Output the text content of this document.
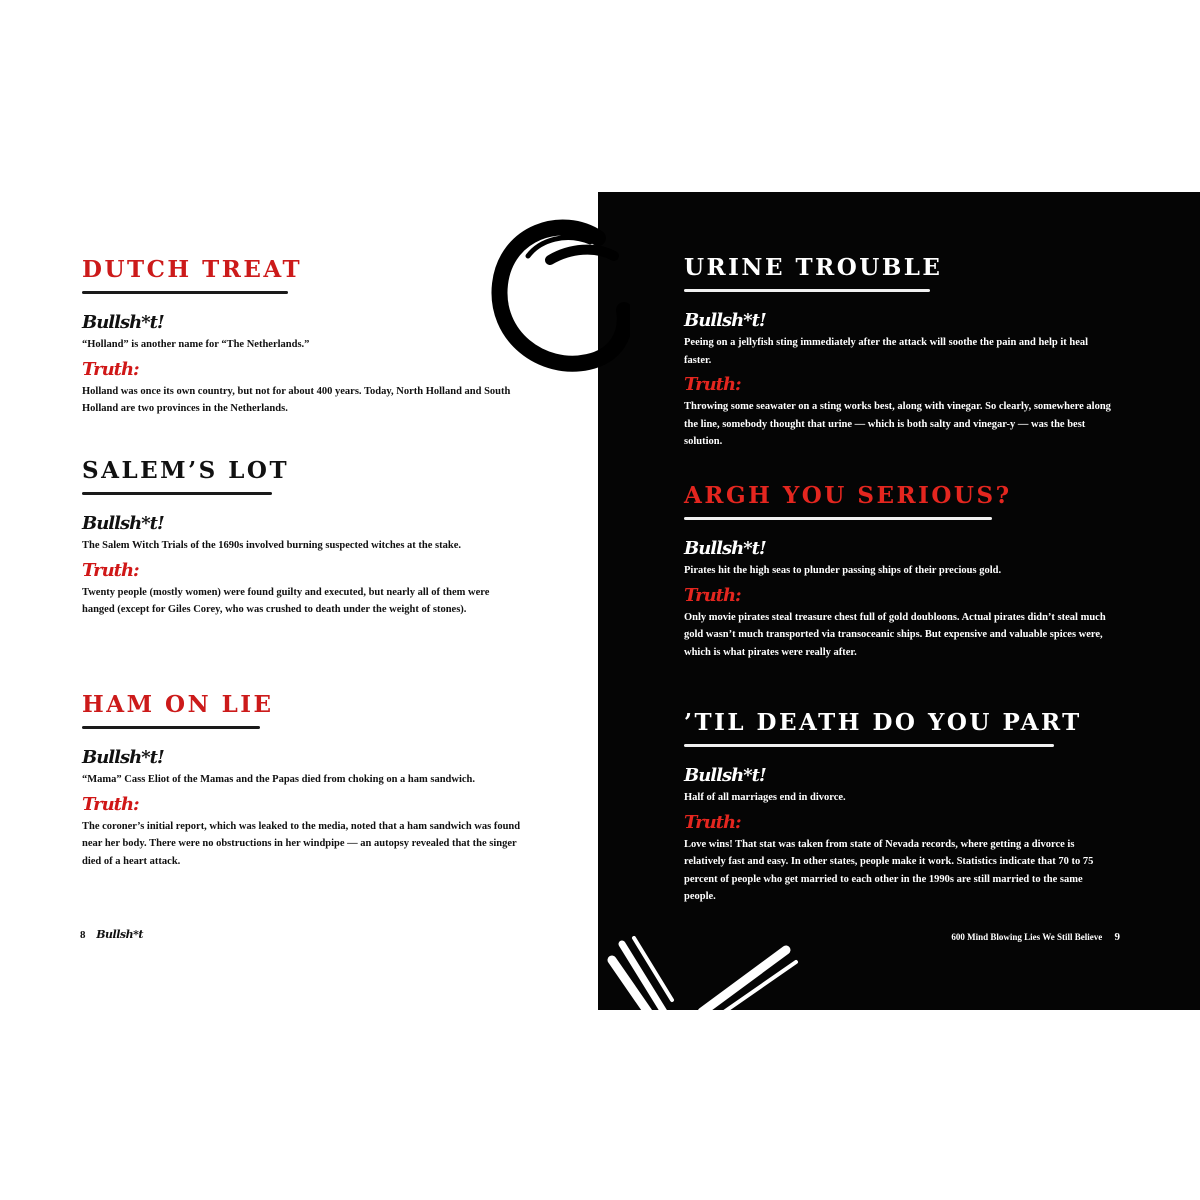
DUTCH TREAT
Bullsh*t!
“Holland” is another name for “The Netherlands.”
Truth:
Holland was once its own country, but not for about 400 years. Today, North Holland and South Holland are two provinces in the Netherlands.
SALEM’S LOT
Bullsh*t!
The Salem Witch Trials of the 1690s involved burning suspected witches at the stake.
Truth:
Twenty people (mostly women) were found guilty and executed, but nearly all of them were hanged (except for Giles Corey, who was crushed to death under the weight of stones).
HAM ON LIE
Bullsh*t!
“Mama” Cass Eliot of the Mamas and the Papas died from choking on a ham sandwich.
Truth:
The coroner’s initial report, which was leaked to the media, noted that a ham sandwich was found near her body. There were no obstructions in her windpipe — an autopsy revealed that the singer died of a heart attack.
8 Bullsh*t
URINE TROUBLE
Bullsh*t!
Peeing on a jellyfish sting immediately after the attack will soothe the pain and help it heal faster.
Truth:
Throwing some seawater on a sting works best, along with vinegar. So clearly, somewhere along the line, somebody thought that urine — which is both salty and vinegar-y — was the best solution.
ARGH YOU SERIOUS?
Bullsh*t!
Pirates hit the high seas to plunder passing ships of their precious gold.
Truth:
Only movie pirates steal treasure chest full of gold doubloons. Actual pirates didn’t steal much gold wasn’t much transported via transoceanic ships. But expensive and valuable spices were, which is what pirates were really after.
’TIL DEATH DO YOU PART
Bullsh*t!
Half of all marriages end in divorce.
Truth:
Love wins! That stat was taken from state of Nevada records, where getting a divorce is relatively fast and easy. In other states, people make it work. Statistics indicate that 70 to 75 percent of people who get married to each other in the 1990s are still married to the same people.
600 Mind Blowing Lies We Still Believe 9
